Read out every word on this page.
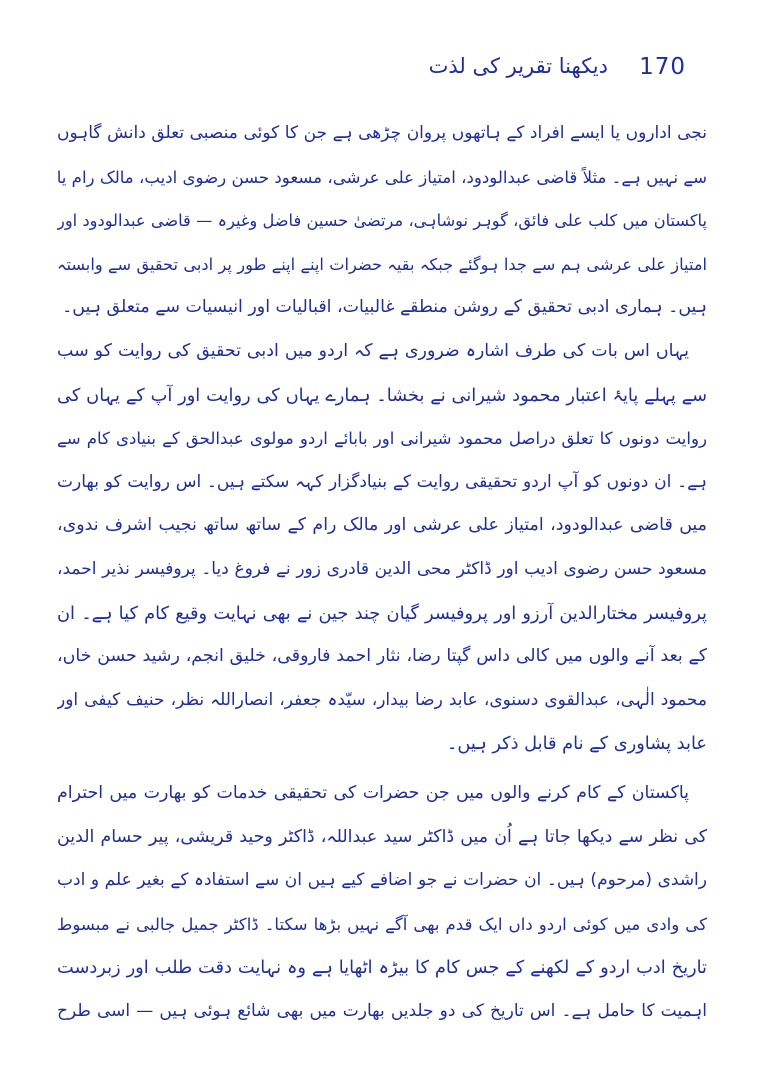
170
دیکھنا تقریر کی لذت
نجی اداروں یا ایسے افراد کے ہاتھوں پروان چڑھی ہے جن کا کوئی منصبی تعلق دانش گاہوں
سے نہیں ہے۔ مثلاً قاضی عبدالودود، امتیاز علی عرشی، مسعود حسن رضوی ادیب، مالک رام یا
پاکستان میں کلب علی فائق، گوہر نوشاہی، مرتضیٰ حسین فاضل وغیرہ — قاضی عبدالودود اور
امتیاز علی عرشی ہم سے جدا ہوگئے جبکہ بقیہ حضرات اپنے اپنے طور پر ادبی تحقیق سے وابستہ
ہیں۔ ہماری ادبی تحقیق کے روشن منطقے غالبیات، اقبالیات اور انیسیات سے متعلق ہیں۔
یہاں اس بات کی طرف اشارہ ضروری ہے کہ اردو میں ادبی تحقیق کی روایت کو سب
سے پہلے پایۂ اعتبار محمود شیرانی نے بخشا۔ ہمارے یہاں کی روایت اور آپ کے یہاں کی
روایت دونوں کا تعلق دراصل محمود شیرانی اور بابائے اردو مولوی عبدالحق کے بنیادی کام سے
ہے۔ ان دونوں کو آپ اردو تحقیقی روایت کے بنیادگزار کہہ سکتے ہیں۔ اس روایت کو بھارت
میں قاضی عبدالودود، امتیاز علی عرشی اور مالک رام کے ساتھ ساتھ نجیب اشرف ندوی،
مسعود حسن رضوی ادیب اور ڈاکٹر محی الدین قادری زور نے فروغ دیا۔ پروفیسر نذیر احمد،
پروفیسر مختارالدین آرزو اور پروفیسر گیان چند جین نے بھی نہایت وقیع کام کیا ہے۔ ان
کے بعد آنے والوں میں کالی داس گپتا رضا، نثار احمد فاروقی، خلیق انجم، رشید حسن خاں،
محمود الٰہی، عبدالقوی دسنوی، عابد رضا بیدار، سیّدہ جعفر، انصاراللہ نظر، حنیف کیفی اور
عابد پشاوری کے نام قابل ذکر ہیں۔
پاکستان کے کام کرنے والوں میں جن حضرات کی تحقیقی خدمات کو بھارت میں احترام
کی نظر سے دیکھا جاتا ہے اُن میں ڈاکٹر سید عبداللہ، ڈاکٹر وحید قریشی، پیر حسام الدین
راشدی (مرحوم) ہیں۔ ان حضرات نے جو اضافے کیے ہیں ان سے استفادہ کے بغیر علم و ادب
کی وادی میں کوئی اردو داں ایک قدم بھی آگے نہیں بڑھا سکتا۔ ڈاکٹر جمیل جالبی نے مبسوط
تاریخ ادب اردو کے لکھنے کے جس کام کا بیڑہ اٹھایا ہے وہ نہایت دقت طلب اور زبردست
اہمیت کا حامل ہے۔ اس تاریخ کی دو جلدیں بھارت میں بھی شائع ہوئی ہیں — اسی طرح
